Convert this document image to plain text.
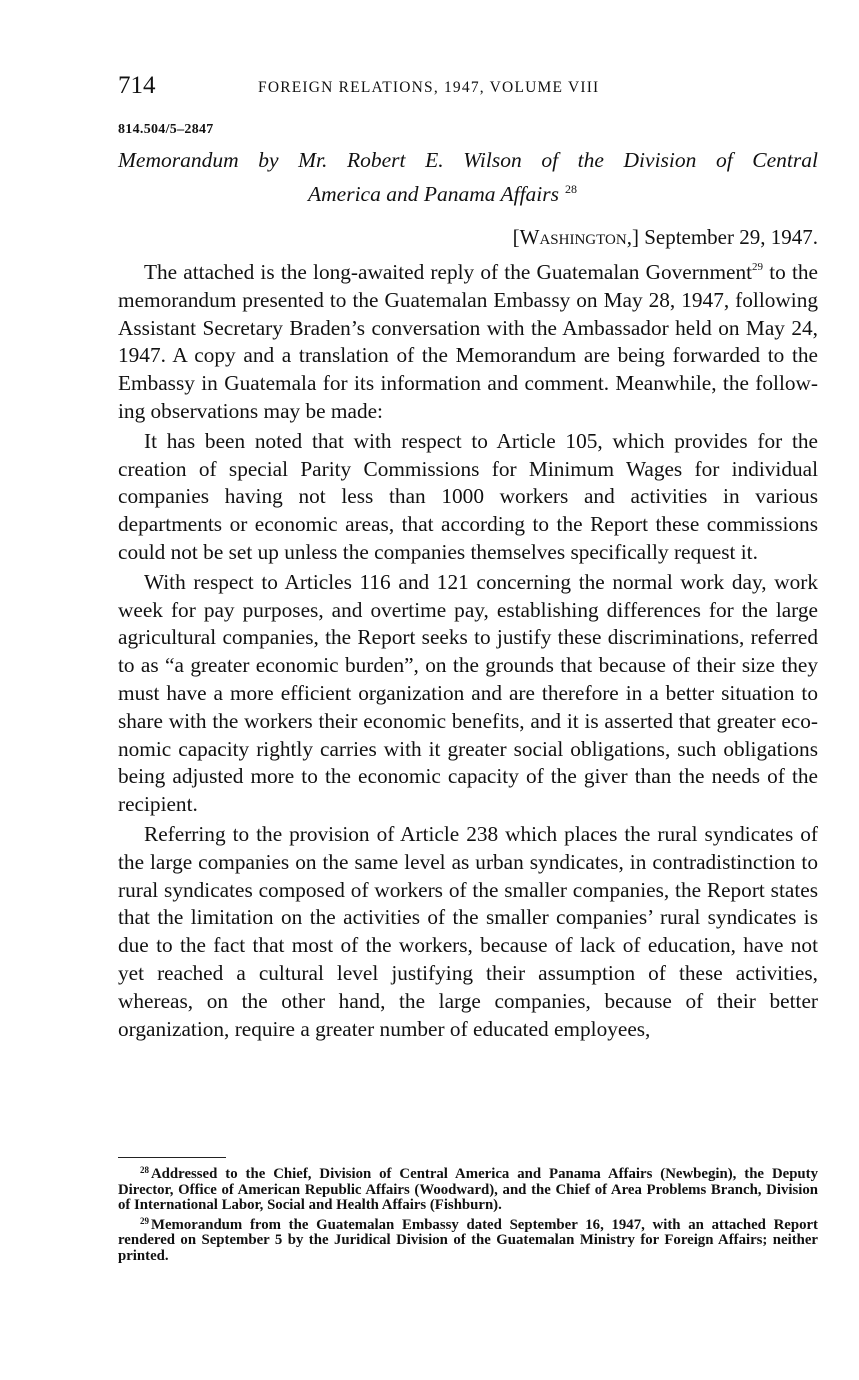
714	FOREIGN RELATIONS, 1947, VOLUME VIII
814.504/5–2847
Memorandum by Mr. Robert E. Wilson of the Division of Central
America and Panama Affairs $^{28}$
[Washington,] September 29, 1947.

The attached is the long-awaited reply of the Guatemalan Government$^{29}$ to the memorandum presented to the Guatemalan Embassy on May 28, 1947, following Assistant Secretary Braden’s conversation with the Ambassador held on May 24, 1947. A copy and a translation of the Memorandum are being forwarded to the Embassy in Guatemala for its information and comment. Meanwhile, the following observations may be made:

It has been noted that with respect to Article 105, which provides for the creation of special Parity Commissions for Minimum Wages for individual companies having not less than 1000 workers and activities in various departments or economic areas, that according to the Report these commissions could not be set up unless the companies themselves specifically request it.

With respect to Articles 116 and 121 concerning the normal work day, work week for pay purposes, and overtime pay, establishing differences for the large agricultural companies, the Report seeks to justify these discriminations, referred to as “a greater economic burden”, on the grounds that because of their size they must have a more efficient organization and are therefore in a better situation to share with the workers their economic benefits, and it is asserted that greater economic capacity rightly carries with it greater social obligations, such obligations being adjusted more to the economic capacity of the giver than the needs of the recipient.

Referring to the provision of Article 238 which places the rural syndicates of the large companies on the same level as urban syndicates, in contradistinction to rural syndicates composed of workers of the smaller companies, the Report states that the limitation on the activities of the smaller companies’ rural syndicates is due to the fact that most of the workers, because of lack of education, have not yet reached a cultural level justifying their assumption of these activities, whereas, on the other hand, the large companies, because of their better organization, require a greater number of educated employees,

$^{28}$ Addressed to the Chief, Division of Central America and Panama Affairs (Newbegin), the Deputy Director, Office of American Republic Affairs (Woodward), and the Chief of Area Problems Branch, Division of International Labor, Social and Health Affairs (Fishburn).

$^{29}$ Memorandum from the Guatemalan Embassy dated September 16, 1947, with an attached Report rendered on September 5 by the Juridical Division of the Guatemalan Ministry for Foreign Affairs; neither printed.
